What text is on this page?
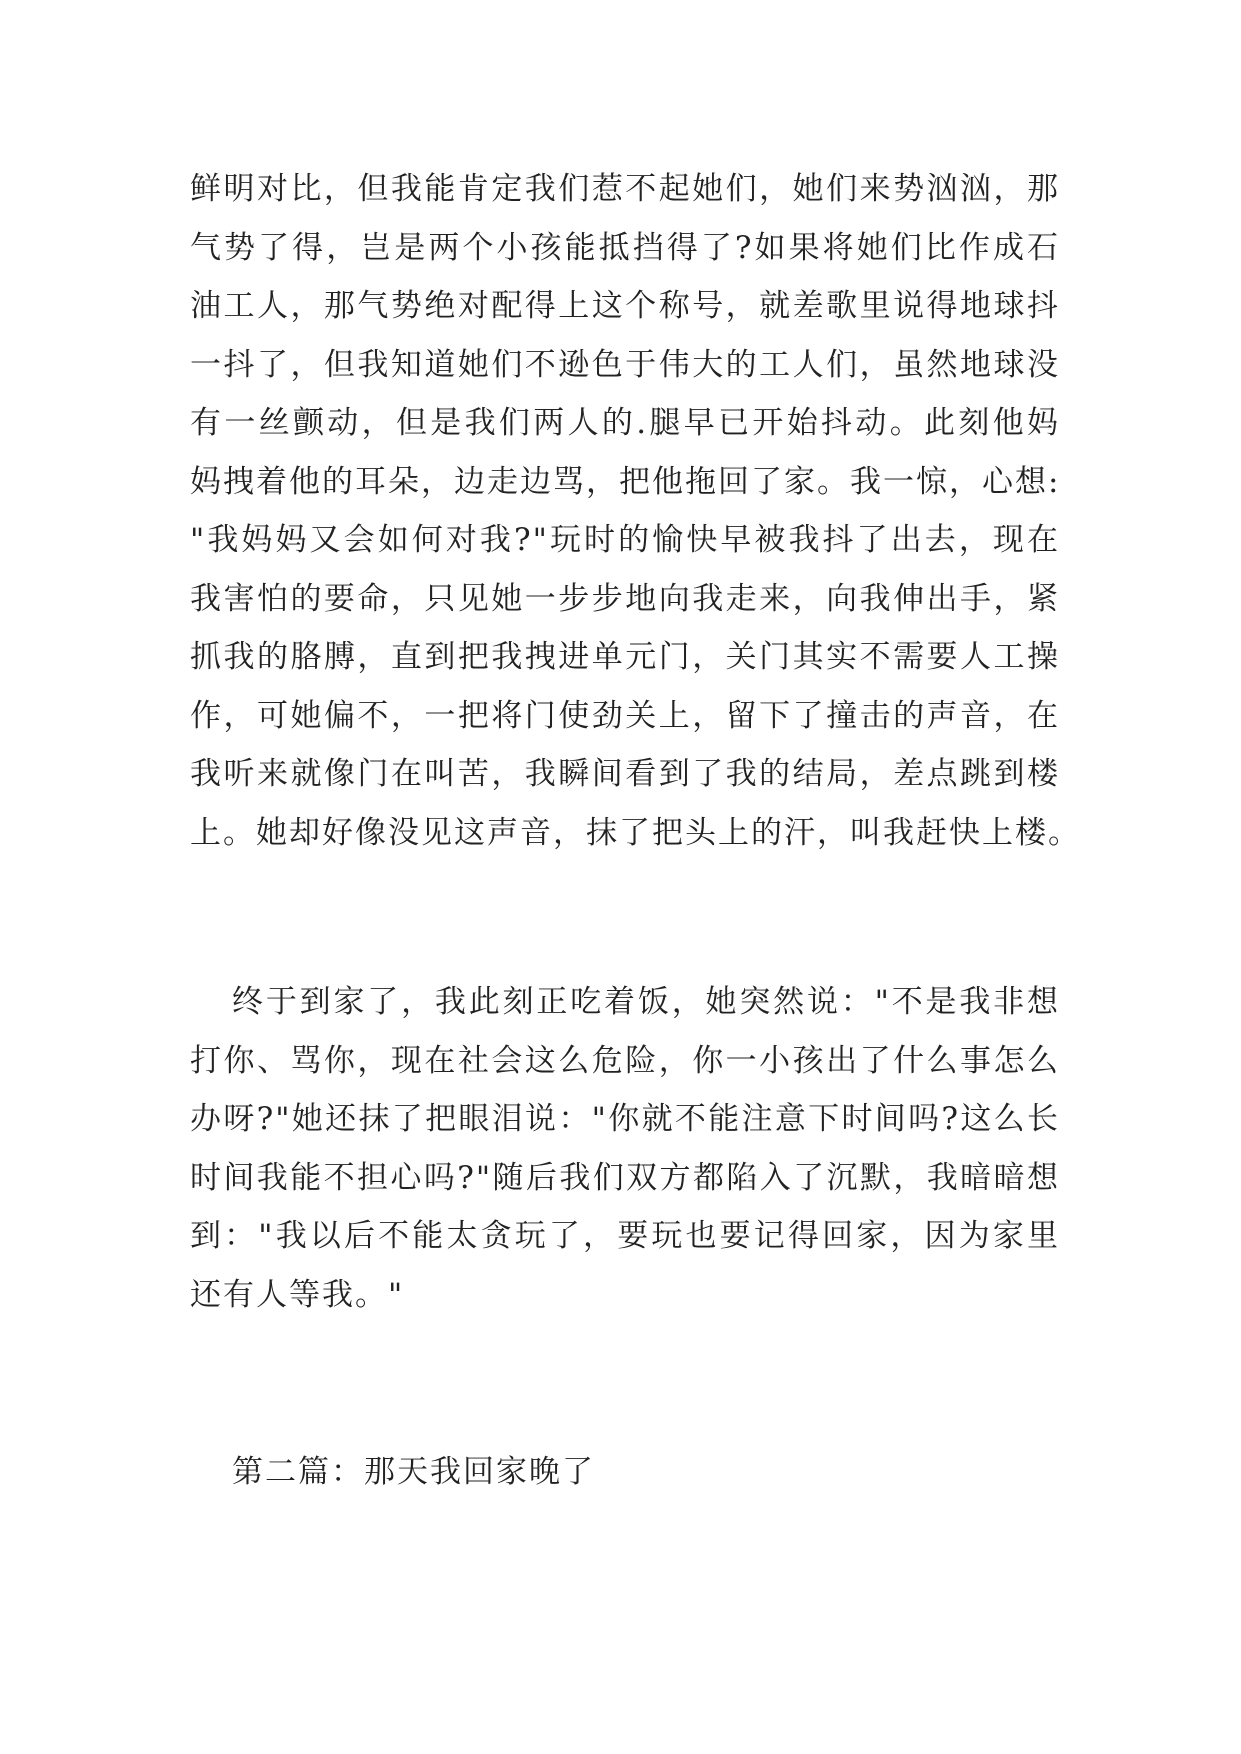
鲜明对比，但我能肯定我们惹不起她们，她们来势汹汹，那
气势了得，岂是两个小孩能抵挡得了?如果将她们比作成石
油工人，那气势绝对配得上这个称号，就差歌里说得地球抖
一抖了，但我知道她们不逊色于伟大的工人们，虽然地球没
有一丝颤动，但是我们两人的.腿早已开始抖动。此刻他妈
妈拽着他的耳朵，边走边骂，把他拖回了家。我一惊，心想:
"我妈妈又会如何对我?"玩时的愉快早被我抖了出去，现在
我害怕的要命，只见她一步步地向我走来，向我伸出手，紧
抓我的胳膊，直到把我拽进单元门，关门其实不需要人工操
作，可她偏不，一把将门使劲关上，留下了撞击的声音，在
我听来就像门在叫苦，我瞬间看到了我的结局，差点跳到楼
上。她却好像没见这声音，抹了把头上的汗，叫我赶快上楼。
终于到家了，我此刻正吃着饭，她突然说："不是我非想
打你、骂你，现在社会这么危险，你一小孩出了什么事怎么
办呀?"她还抹了把眼泪说："你就不能注意下时间吗?这么长
时间我能不担心吗?"随后我们双方都陷入了沉默，我暗暗想
到："我以后不能太贪玩了，要玩也要记得回家，因为家里
还有人等我。"
第二篇：那天我回家晚了
